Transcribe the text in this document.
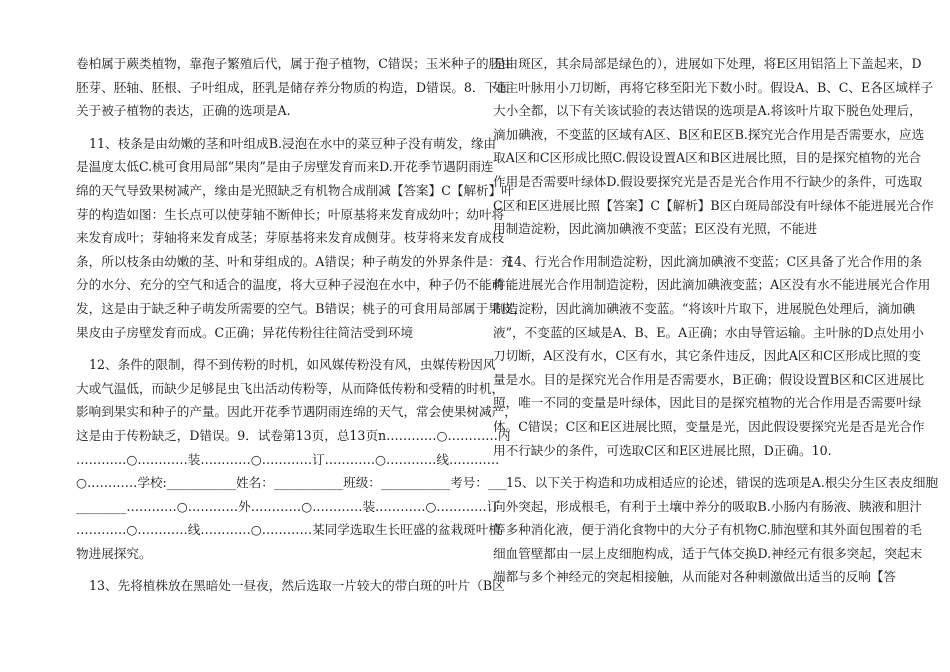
卷柏属于蕨类植物，靠孢子繁殖后代，属于孢子植物，C错误；玉米种子的胚由
胚芽、胚轴、胚根、子叶组成，胚乳是储存养分物质的构造，D错误。8．下面
关于被子植物的表达，正确的选项是A.
11、枝条是由幼嫩的茎和叶组成B.浸泡在水中的菜豆种子没有萌发，缘由
是温度太低C.桃可食用局部“果肉”是由子房壁发育而来D.开花季节遇阴雨连
绵的天气导致果树减产，缘由是光照缺乏有机物合成削减【答案】C【解析】叶
芽的构造如图：生长点可以使芽轴不断伸长；叶原基将来发育成幼叶；幼叶将
来发育成叶；芽轴将来发育成茎；芽原基将来发育成侧芽。枝芽将来发育成枝
条，所以枝条由幼嫩的茎、叶和芽组成的。A错误；种子萌发的外界条件是：充
分的水分、充分的空气和适合的温度，将大豆种子浸泡在水中，种子仍不能萌
发，这是由于缺乏种子萌发所需要的空气。B错误；桃子的可食用局部属于果皮，
果皮由子房壁发育而成。C正确；异花传粉往往简洁受到环境
12、条件的限制，得不到传粉的时机，如风媒传粉没有风，虫媒传粉因风
大或气温低，而缺少足够昆虫飞出活动传粉等，从而降低传粉和受精的时机，
影响到果实和种子的产量。因此开花季节遇阴雨连绵的天气，常会使果树减产，
这是由于传粉缺乏，D错误。9．试卷第13页，总13页n…………○…………内
…………○…………装…………○…………订…………○…………线…………
○…………学校:___________姓名：___________班级：___________考号：___
________…………○…………外…………○…………装…………○…………订
…………○…………线…………○…………某同学选取生长旺盛的盆栽斑叶植
物进展探究。
13、先将植株放在黑暗处一昼夜，然后选取一片较大的带白斑的叶片（B区
是白斑区，其余局部是绿色的），进展如下处理，将E区用铝箔上下盖起来，D
处主叶脉用小刀切断，再将它移至阳光下数小时。假设A、B、C、E各区域样子
大小全都，以下有关该试验的表达错误的选项是A.将该叶片取下脱色处理后，
滴加碘液，不变蓝的区域有A区、B区和E区B.探究光合作用是否需要水，应选
取A区和C区形成比照C.假设设置A区和B区进展比照，目的是探究植物的光合
作用是否需要叶绿体D.假设要探究光是否是光合作用不行缺少的条件，可选取
C区和E区进展比照【答案】C【解析】B区白斑局部没有叶绿体不能进展光合作
用制造淀粉，因此滴加碘液不变蓝；E区没有光照，不能进
14、行光合作用制造淀粉，因此滴加碘液不变蓝；C区具备了光合作用的条
件能进展光合作用制造淀粉，因此滴加碘液变蓝；A区没有水不能进展光合作用
制造淀粉，因此滴加碘液不变蓝。“将该叶片取下，进展脱色处理后，滴加碘
液”，不变蓝的区域是A、B、E。A正确；水由导管运输。主叶脉的D点处用小
刀切断，A区没有水，C区有水，其它条件违反，因此A区和C区形成比照的变
量是水。目的是探究光合作用是否需要水，B正确；假设设置B区和C区进展比
照，唯一不同的变量是叶绿体，因此目的是探究植物的光合作用是否需要叶绿
体。C错误；C区和E区进展比照，变量是光，因此假设要探究光是否是光合作
用不行缺少的条件，可选取C区和E区进展比照，D正确。10.
15、以下关于构造和功成相适应的论述，错误的选项是A.根尖分生区表皮细胞
向外突起，形成根毛，有利于土壤中养分的吸取B.小肠内有肠液、胰液和胆汁
等多种消化液，便于消化食物中的大分子有机物C.肺泡壁和其外面包围着的毛
细血管壁都由一层上皮细胞构成，适于气体交换D.神经元有很多突起，突起末
端都与多个神经元的突起相接触，从而能对各种刺激做出适当的反响【答
